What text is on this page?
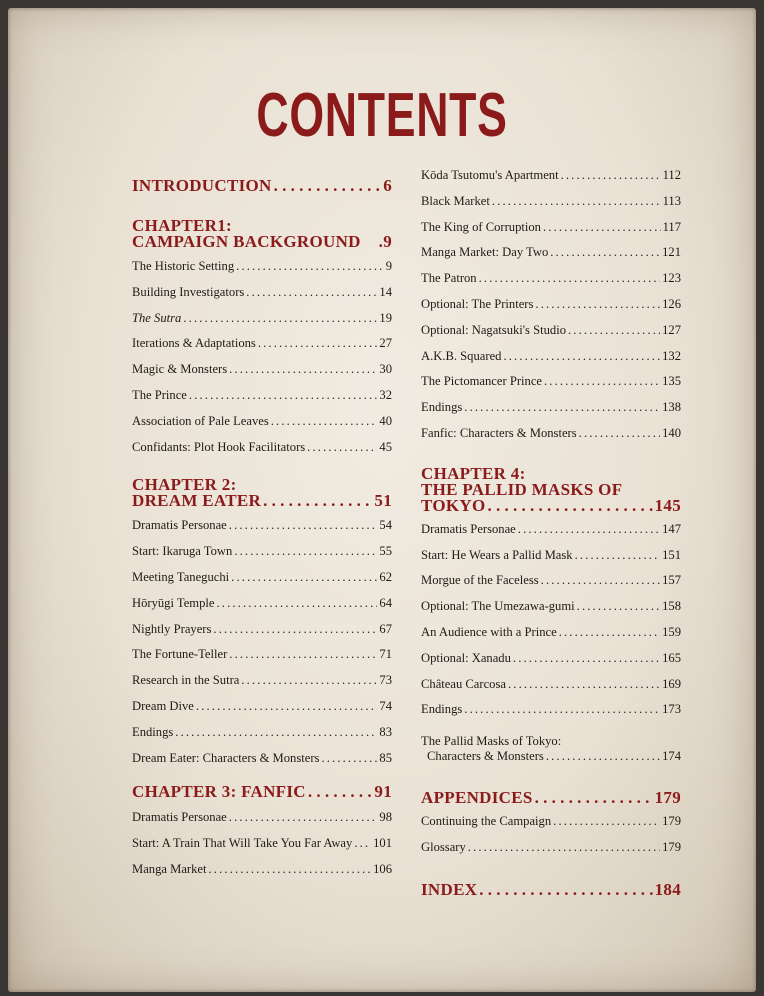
CONTENTS
INTRODUCTION . . .	6
CHAPTER1:
CAMPAIGN BACKGROUND .9
The Historic Setting . . .	9
Building Investigators . . .	14
The Sutra . . .	19
Iterations & Adaptations . . .	27
Magic & Monsters . . .	30
The Prince . . .	32
Association of Pale Leaves . . .	40
Confidants: Plot Hook Facilitators . . .	45
CHAPTER 2:
DREAM EATER . . .	51
Dramatis Personae . . .	54
Start: Ikaruga Town . . .	55
Meeting Taneguchi . . .	62
Hōryūgi Temple . . .	64
Nightly Prayers . . .	67
The Fortune-Teller . . .	71
Research in the Sutra . . .	73
Dream Dive . . .	74
Endings . . .	83
Dream Eater: Characters & Monsters . . .	85
CHAPTER 3: FANFIC . . .	91
Dramatis Personae . . .	98
Start: A Train That Will Take You Far Away . . . 101
Manga Market . . .	106
Kōda Tsutomu's Apartment . . .	112
Black Market . . .	113
The King of Corruption . . .	117
Manga Market: Day Two . . .	121
The Patron . . .	123
Optional: The Printers . . .	126
Optional: Nagatsuki's Studio . . .	127
A.K.B. Squared . . .	132
The Pictomancer Prince . . .	135
Endings . . .	138
Fanfic: Characters & Monsters . . .	140
CHAPTER 4:
THE PALLID MASKS OF
TOKYO . . .	145
Dramatis Personae . . .	147
Start: He Wears a Pallid Mask . . .	151
Morgue of the Faceless . . .	157
Optional: The Umezawa-gumi . . .	158
An Audience with a Prince . . .	159
Optional: Xanadu . . .	165
Château Carcosa . . .	169
Endings . . .	173
The Pallid Masks of Tokyo:
Characters & Monsters . . .	174
APPENDICES . . .	179
Continuing the Campaign . . .	179
Glossary . . .	179
INDEX . . .	184
